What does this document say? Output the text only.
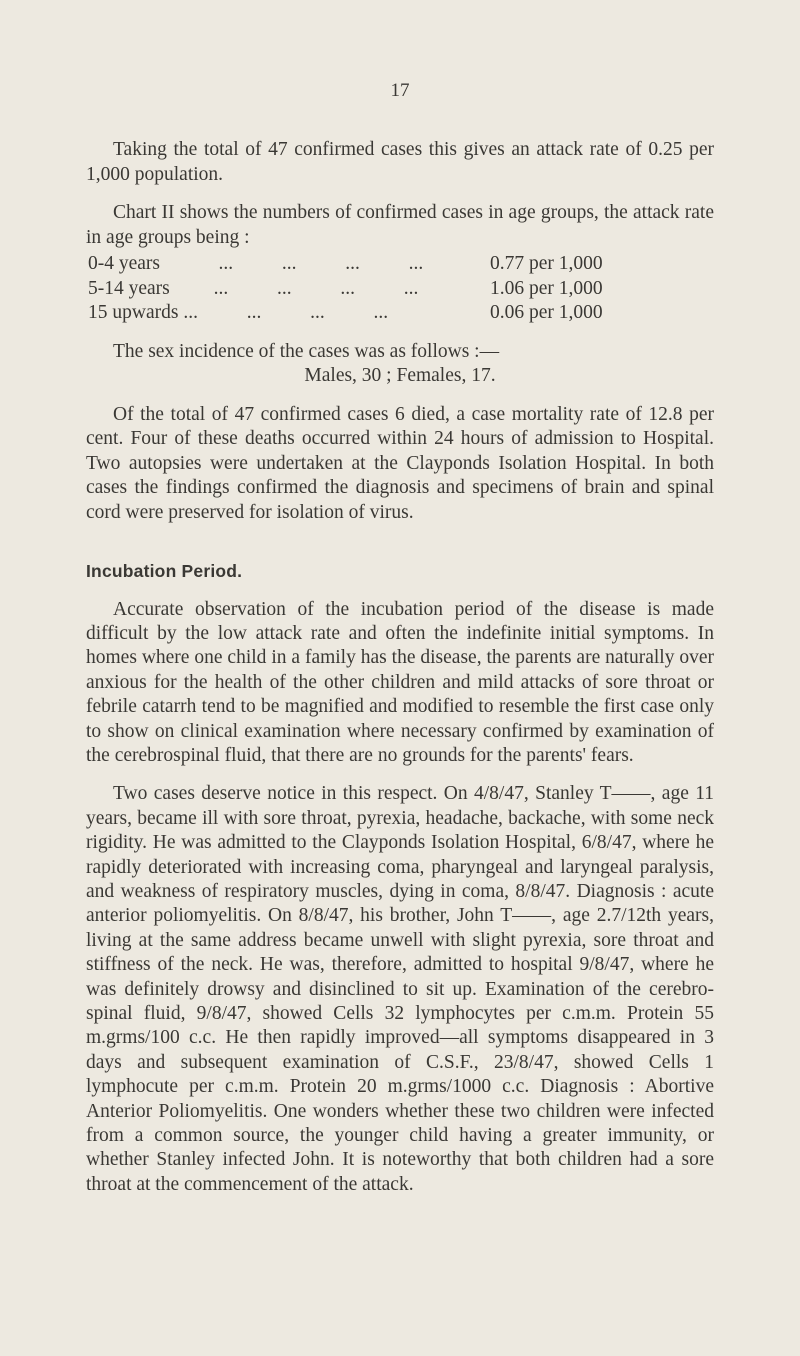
17

Taking the total of 47 confirmed cases this gives an attack rate of 0.25 per 1,000 population.

Chart II shows the numbers of confirmed cases in age groups, the attack rate in age groups being :

0-4 years            ...          ...          ...          ...	0.77 per 1,000
5-14 years         ...          ...          ...          ...	1.06 per 1,000
15 upwards ...          ...          ...          ...	0.06 per 1,000

The sex incidence of the cases was as follows :—

Males, 30 ; Females, 17.

Of the total of 47 confirmed cases 6 died, a case mortality rate of 12.8 per cent. Four of these deaths occurred within 24 hours of admission to Hospital. Two autopsies were undertaken at the Clayponds Isolation Hospital. In both cases the findings confirmed the diagnosis and specimens of brain and spinal cord were preserved for isolation of virus.

Incubation Period.

Accurate observation of the incubation period of the disease is made difficult by the low attack rate and often the indefinite initial symptoms. In homes where one child in a family has the disease, the parents are naturally over anxious for the health of the other children and mild attacks of sore throat or febrile catarrh tend to be magnified and modified to resemble the first case only to show on clinical examination where necessary confirmed by examination of the cerebrospinal fluid, that there are no grounds for the parents' fears.

Two cases deserve notice in this respect. On 4/8/47, Stanley T——, age 11 years, became ill with sore throat, pyrexia, headache, backache, with some neck rigidity. He was admitted to the Clayponds Isolation Hospital, 6/8/47, where he rapidly deteriorated with increasing coma, pharyngeal and laryngeal paralysis, and weakness of respiratory muscles, dying in coma, 8/8/47. Diagnosis : acute anterior poliomyelitis. On 8/8/47, his brother, John T——, age 2.7/12th years, living at the same address became unwell with slight pyrexia, sore throat and stiffness of the neck. He was, therefore, admitted to hospital 9/8/47, where he was definitely drowsy and disinclined to sit up. Examination of the cerebro-spinal fluid, 9/8/47, showed Cells 32 lymphocytes per c.m.m. Protein 55 m.grms/100 c.c. He then rapidly improved—all symptoms disappeared in 3 days and subsequent examination of C.S.F., 23/8/47, showed Cells 1 lymphocute per c.m.m. Protein 20 m.grms/1000 c.c. Diagnosis : Abortive Anterior Poliomyelitis. One wonders whether these two children were infected from a common source, the younger child having a greater immunity, or whether Stanley infected John. It is noteworthy that both children had a sore throat at the commencement of the attack.
